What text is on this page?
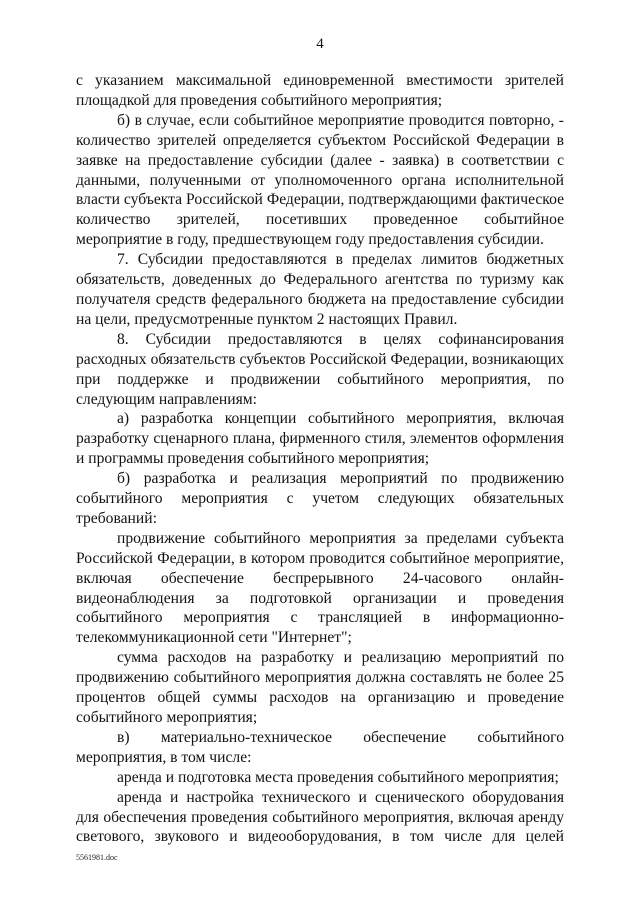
4

с указанием максимальной единовременной вместимости зрителей площадкой для проведения событийного мероприятия;

б) в случае, если событийное мероприятие проводится повторно, - количество зрителей определяется субъектом Российской Федерации в заявке на предоставление субсидии (далее - заявка) в соответствии с данными, полученными от уполномоченного органа исполнительной власти субъекта Российской Федерации, подтверждающими фактическое количество зрителей, посетивших проведенное событийное мероприятие в году, предшествующем году предоставления субсидии.

7. Субсидии предоставляются в пределах лимитов бюджетных обязательств, доведенных до Федерального агентства по туризму как получателя средств федерального бюджета на предоставление субсидии на цели, предусмотренные пунктом 2 настоящих Правил.

8. Субсидии предоставляются в целях софинансирования расходных обязательств субъектов Российской Федерации, возникающих при поддержке и продвижении событийного мероприятия, по следующим направлениям:

а) разработка концепции событийного мероприятия, включая разработку сценарного плана, фирменного стиля, элементов оформления и программы проведения событийного мероприятия;

б) разработка и реализация мероприятий по продвижению событийного мероприятия с учетом следующих обязательных требований:

продвижение событийного мероприятия за пределами субъекта Российской Федерации, в котором проводится событийное мероприятие, включая обеспечение беспрерывного 24-часового онлайн-видеонаблюдения за подготовкой организации и проведения событийного мероприятия с трансляцией в информационно-телекоммуникационной сети "Интернет";

сумма расходов на разработку и реализацию мероприятий по продвижению событийного мероприятия должна составлять не более 25 процентов общей суммы расходов на организацию и проведение событийного мероприятия;

в) материально-техническое обеспечение событийного мероприятия, в том числе:

аренда и подготовка места проведения событийного мероприятия;

аренда и настройка технического и сценического оборудования для обеспечения проведения событийного мероприятия, включая аренду светового, звукового и видеооборудования, в том числе для целей

5561981.doc
